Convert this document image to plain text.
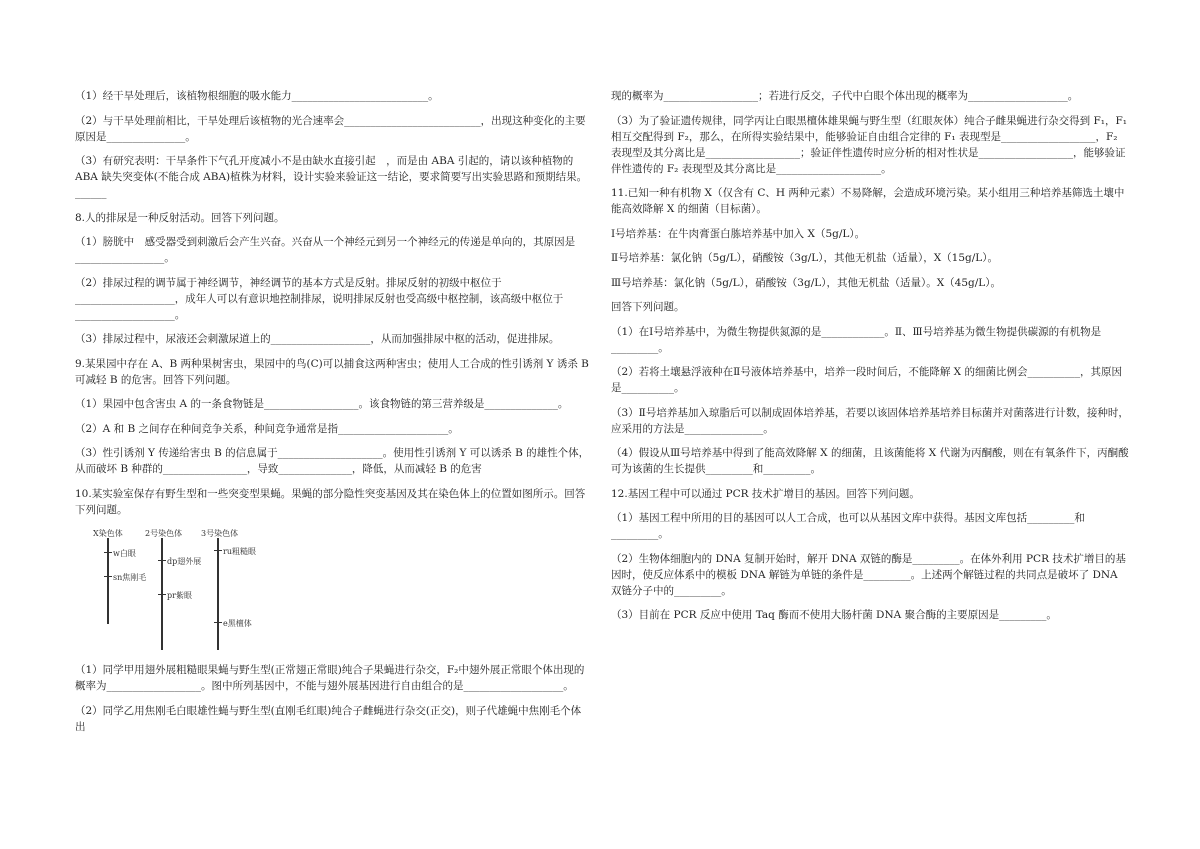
（1）经干旱处理后，该植物根细胞的吸水能力__________________________。

（2）与干旱处理前相比，干旱处理后该植物的光合速率会__________________________，出现这种变化的主要原因是_______________。

（3）有研究表明：干旱条件下气孔开度减小不是由缺水直接引起　，而是由 ABA 引起的，请以该种植物的 ABA 缺失突变体(不能合成 ABA)植株为材料，设计实验来验证这一结论，要求简要写出实验思路和预期结果。______

8.人的排尿是一种反射活动。回答下列问题。

（1）膀胱中　感受器受到刺激后会产生兴奋。兴奋从一个神经元到另一个神经元的传递是单向的，其原因是_________________。

（2）排尿过程的调节属于神经调节，神经调节的基本方式是反射。排尿反射的初级中枢位于___________________，成年人可以有意识地控制排尿，说明排尿反射也受高级中枢控制，该高级中枢位于___________________。

（3）排尿过程中，尿液还会刺激尿道上的___________________，从而加强排尿中枢的活动，促进排尿。

9.某果园中存在 A、B 两种果树害虫，果园中的鸟(C)可以捕食这两种害虫；使用人工合成的性引诱剂 Y 诱杀 B 可减轻 B 的危害。回答下列问题。

（1）果园中包含害虫 A 的一条食物链是__________________。该食物链的第三营养级是______________。

（2）A 和 B 之间存在种间竞争关系，种间竞争通常是指_____________________。

（3）性引诱剂 Y 传递给害虫 B 的信息属于____________________。使用性引诱剂 Y 可以诱杀 B 的雄性个体，从而破坏 B 种群的________________，导致______________，降低，从而减轻 B 的危害

10.某实验室保存有野生型和一些突变型果蝇。果蝇的部分隐性突变基因及其在染色体上的位置如图所示。回答下列问题。

X染色体	2号染色体 3号染色体
w白眼
sn焦刚毛
dp翅外展
pr紫眼
ru粗糙眼
e黑檀体

（1）同学甲用翅外展粗糙眼果蝇与野生型(正常翅正常眼)纯合子果蝇进行杂交，F₂中翅外展正常眼个体出现的概率为__________________。图中所列基因中，不能与翅外展基因进行自由组合的是___________________。

（2）同学乙用焦刚毛白眼雄性蝇与野生型(直刚毛红眼)纯合子雌蝇进行杂交(正交)，则子代雄蝇中焦刚毛个体出

现的概率为__________________；若进行反交，子代中白眼个体出现的概率为___________________。

（3）为了验证遗传规律，同学丙让白眼黑檀体雄果蝇与野生型（红眼灰体）纯合子雌果蝇进行杂交得到 F₁，F₁ 相互交配得到 F₂，那么，在所得实验结果中，能够验证自由组合定律的 F₁ 表现型是__________________，F₂ 表现型及其分离比是__________________；验证伴性遗传时应分析的相对性状是__________________，能够验证伴性遗传的 F₂ 表现型及其分离比是____________________。

11.已知一种有机物 X（仅含有 C、H 两种元素）不易降解，会造成环境污染。某小组用三种培养基筛选土壤中能高效降解 X 的细菌（目标菌）。

Ⅰ号培养基：在牛肉膏蛋白胨培养基中加入 X（5g/L）。

Ⅱ号培养基：氯化钠（5g/L），硝酸铵（3g/L），其他无机盐（适量），X（15g/L）。

Ⅲ号培养基：氯化钠（5g/L），硝酸铵（3g/L），其他无机盐（适量）。X（45g/L）。

回答下列问题。

（1）在Ⅰ号培养基中，为微生物提供氮源的是____________。Ⅱ、Ⅲ号培养基为微生物提供碳源的有机物是_________。

（2）若将土壤悬浮液种在Ⅱ号液体培养基中，培养一段时间后，不能降解 X 的细菌比例会__________，其原因是__________。

（3）Ⅱ号培养基加入琼脂后可以制成固体培养基，若要以该固体培养基培养目标菌并对菌落进行计数，接种时，应采用的方法是_______________。

（4）假设从Ⅲ号培养基中得到了能高效降解 X 的细菌，且该菌能将 X 代谢为丙酮酸，则在有氧条件下，丙酮酸可为该菌的生长提供_________和_________。

12.基因工程中可以通过 PCR 技术扩增目的基因。回答下列问题。

（1）基因工程中所用的目的基因可以人工合成，也可以从基因文库中获得。基因文库包括_________和_________。

（2）生物体细胞内的 DNA 复制开始时，解开 DNA 双链的酶是_________。在体外利用 PCR 技术扩增目的基因时，使反应体系中的模板 DNA 解链为单链的条件是_________。上述两个解链过程的共同点是破坏了 DNA 双链分子中的_________。

（3）目前在 PCR 反应中使用 Taq 酶而不使用大肠杆菌 DNA 聚合酶的主要原因是_________。
